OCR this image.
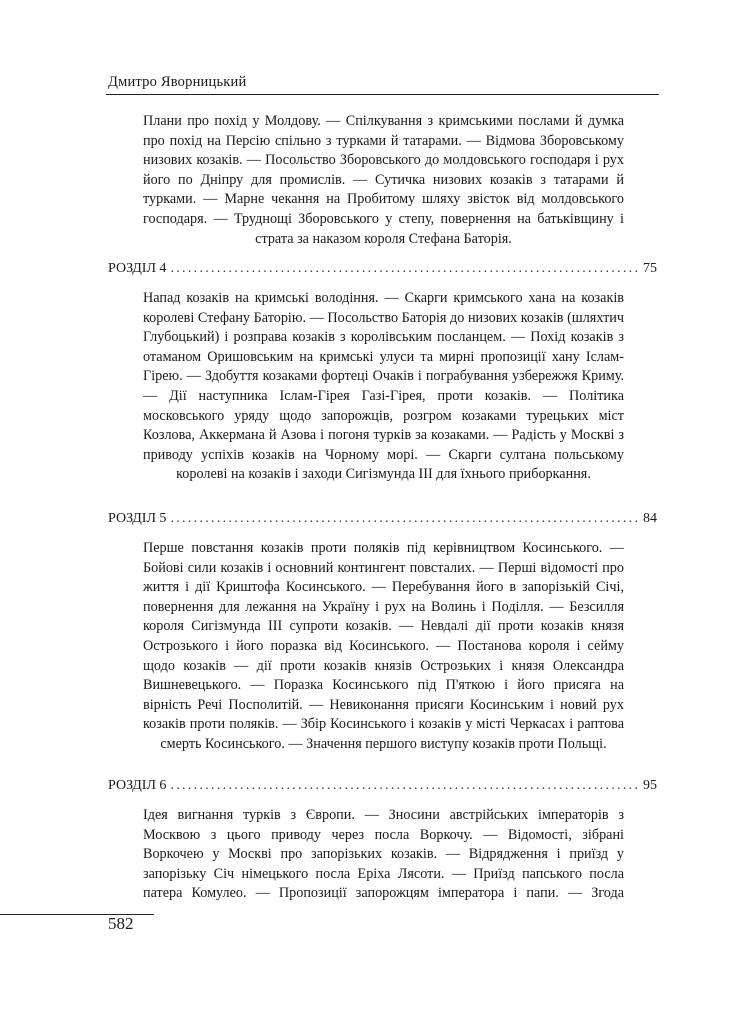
Дмитро Яворницький

Плани про похід у Молдову. — Спілкування з кримськими послами й думка про похід на Персію спільно з турками й татарами. — Відмова Зборовському низових козаків. — Посольство Зборовського до молдовського господаря і рух його по Дніпру для промислів. — Сутичка низових козаків з татарами й турками. — Марне чекання на Пробитому шляху звісток від молдовського господаря. — Труднощі Зборовського у степу, повернення на батьківщину і страта за наказом короля Стефана Баторія.

РОЗДІЛ 4 . . .	75

Напад козаків на кримські володіння. — Скарги кримського хана на козаків королеві Стефану Баторію. — Посольство Баторія до низових козаків (шляхтич Глубоцький) і розправа козаків з королівським посланцем. — Похід козаків з отаманом Оришовським на кримські улуси та мирні пропозиції хану Іслам-Гірею. — Здобуття козаками фортеці Очаків і пограбування узбережжя Криму. — Дії наступника Іслам-Гірея Газі-Гірея, проти козаків. — Політика московського уряду щодо запорожців, розгром козаками турецьких міст Козлова, Аккермана й Азова і погоня турків за козаками. — Радість у Москві з приводу успіхів козаків на Чорному морі. — Скарги султана польському королеві на козаків і заходи Сигізмунда III для їхнього приборкання.

РОЗДІЛ 5 . . .	84

Перше повстання козаків проти поляків під керівництвом Косинського. — Бойові сили козаків і основний контингент повсталих. — Перші відомості про життя і дії Криштофа Косинського. — Перебування його в запорізькій Січі, повернення для лежання на Україну і рух на Волинь і Поділля. — Безсилля короля Сигізмунда III супроти козаків. — Невдалі дії проти козаків князя Острозького і його поразка від Косинського. — Постанова короля і сейму щодо козаків — дії проти козаків князів Острозьких і князя Олександра Вишневецького. — Поразка Косинського під П'яткою і його присяга на вірність Речі Посполитій. — Невиконання присяги Косинським і новий рух козаків проти поляків. — Збір Косинського і козаків у місті Черкасах і раптова смерть Косинського. — Значення першого виступу козаків проти Польщі.

РОЗДІЛ 6 . . .	95

Ідея вигнання турків з Європи. — Зносини австрійських імператорів з Москвою з цього приводу через посла Воркочу. — Відомості, зібрані Воркочею у Москві про запорізьких козаків. — Відрядження і приїзд у запорізьку Січ німецького посла Еріха Лясоти. — Приїзд папського посла патера Комулео. — Пропозиції запорожцям імператора і папи. — Згода

582
